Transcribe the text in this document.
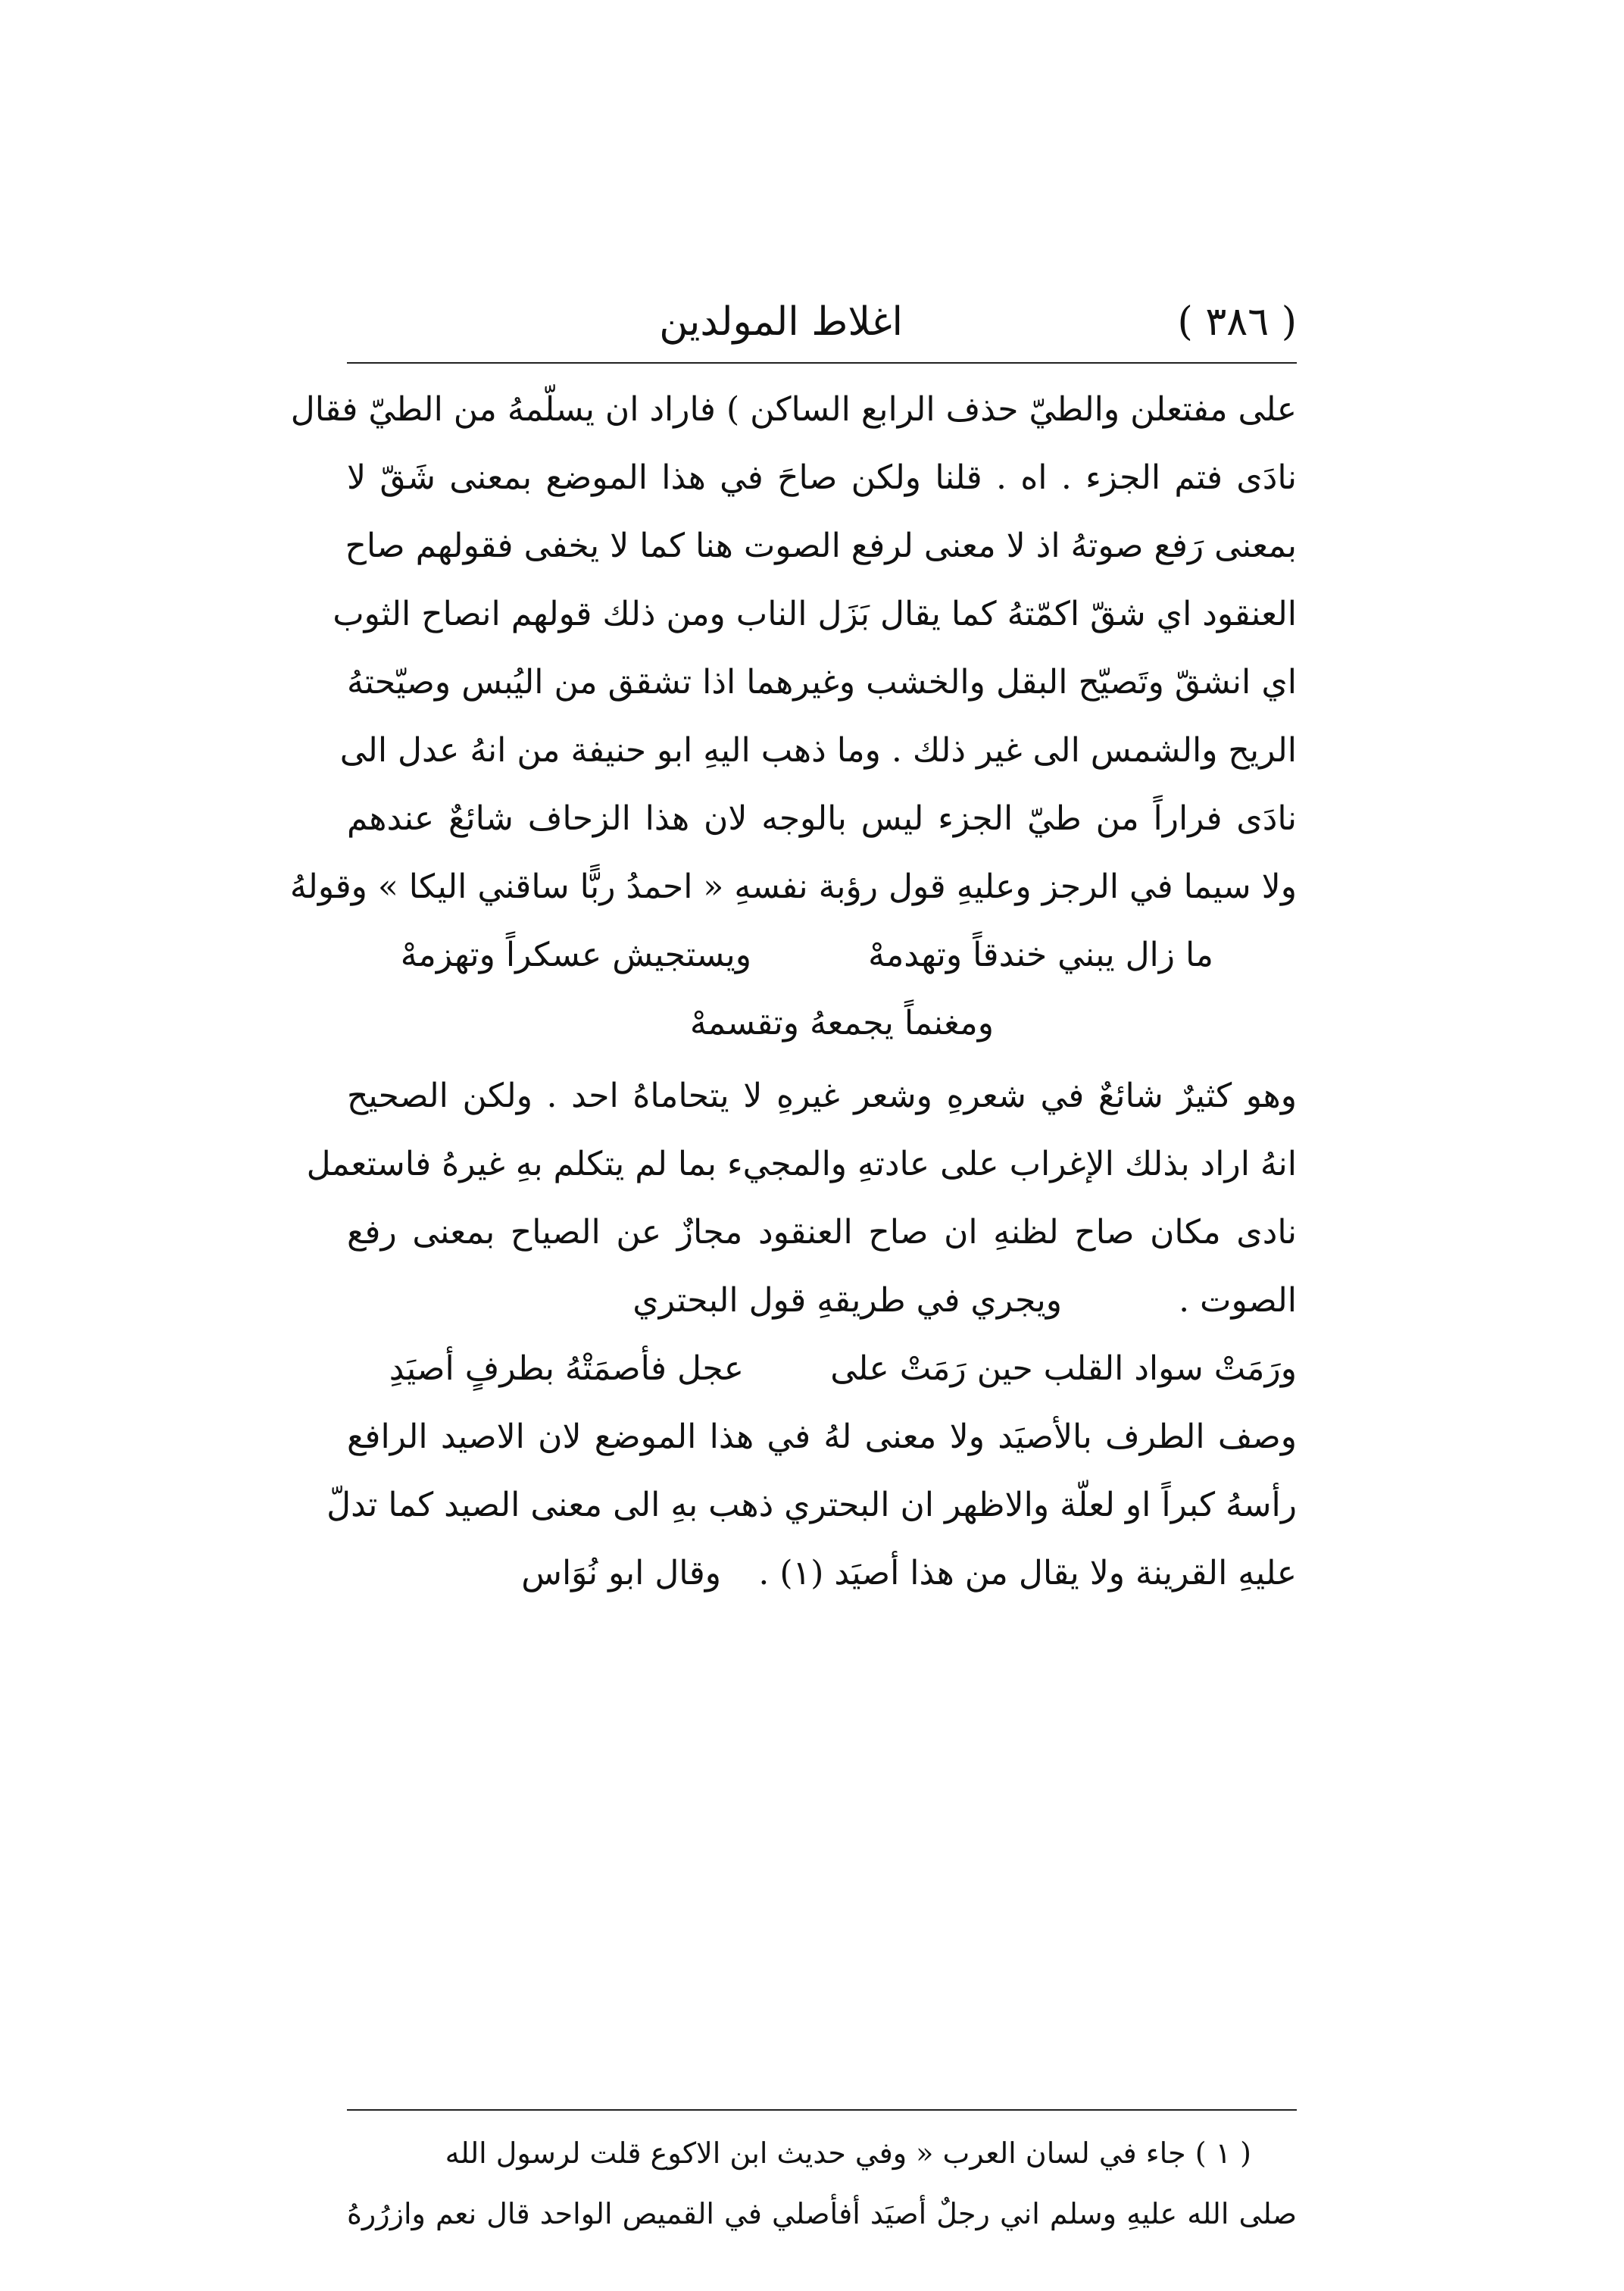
( ٣٨٦ )
اغلاط المولدين
على مفتعلن والطيّ حذف الرابع الساكن ) فاراد ان يسلّمهُ من الطيّ فقال
نادَى فتم الجزء . اه . قلنا ولكن صاحَ في هذا الموضع بمعنى شَقّ لا
بمعنى رَفع صوتهُ اذ لا معنى لرفع الصوت هنا كما لا يخفى فقولهم صاح
العنقود اي شقّ اكمّتهُ كما يقال بَزَل الناب ومن ذلك قولهم انصاح الثوب
اي انشقّ وتَصيّح البقل والخشب وغيرهما اذا تشقق من اليُبس وصيّحتهُ
الريح والشمس الى غير ذلك . وما ذهب اليهِ ابو حنيفة من انهُ عدل الى
نادَى فراراً من طيّ الجزء ليس بالوجه لان هذا الزحاف شائعٌ عندهم
ولا سيما في الرجز وعليهِ قول رؤبة نفسهِ « احمدُ ربًّا ساقني اليكا » وقولهُ
ما زال يبني خندقاً وتهدمهْ
ويستجيش عسكراً وتهزمهْ
ومغنماً يجمعهُ وتقسمهْ
وهو كثيرٌ شائعٌ في شعرهِ وشعر غيرهِ لا يتحاماهُ احد . ولكن الصحيح
انهُ اراد بذلك الإغراب على عادتهِ والمجيء بما لم يتكلم بهِ غيرهُ فاستعمل
نادى مكان صاح لظنهِ ان صاح العنقود مجازٌ عن الصياح بمعنى رفع
الصوت .
ويجري في طريقهِ قول البحتري
ورَمَتْ سواد القلب حين رَمَتْ على
عجل فأصمَتْهُ بطرفٍ أصيَدِ
وصف الطرف بالأصيَد ولا معنى لهُ في هذا الموضع لان الاصيد الرافع
رأسهُ كبراً او لعلّة والاظهر ان البحتري ذهب بهِ الى معنى الصيد كما تدلّ
عليهِ القرينة ولا يقال من هذا أصيَد (١) .
وقال ابو نُوَاس
( ١ ) جاء في لسان العرب « وفي حديث ابن الاكوع قلت لرسول الله
صلى الله عليهِ وسلم اني رجلٌ أصيَد أفأصلي في القميص الواحد قال نعم وازرُرهُ
